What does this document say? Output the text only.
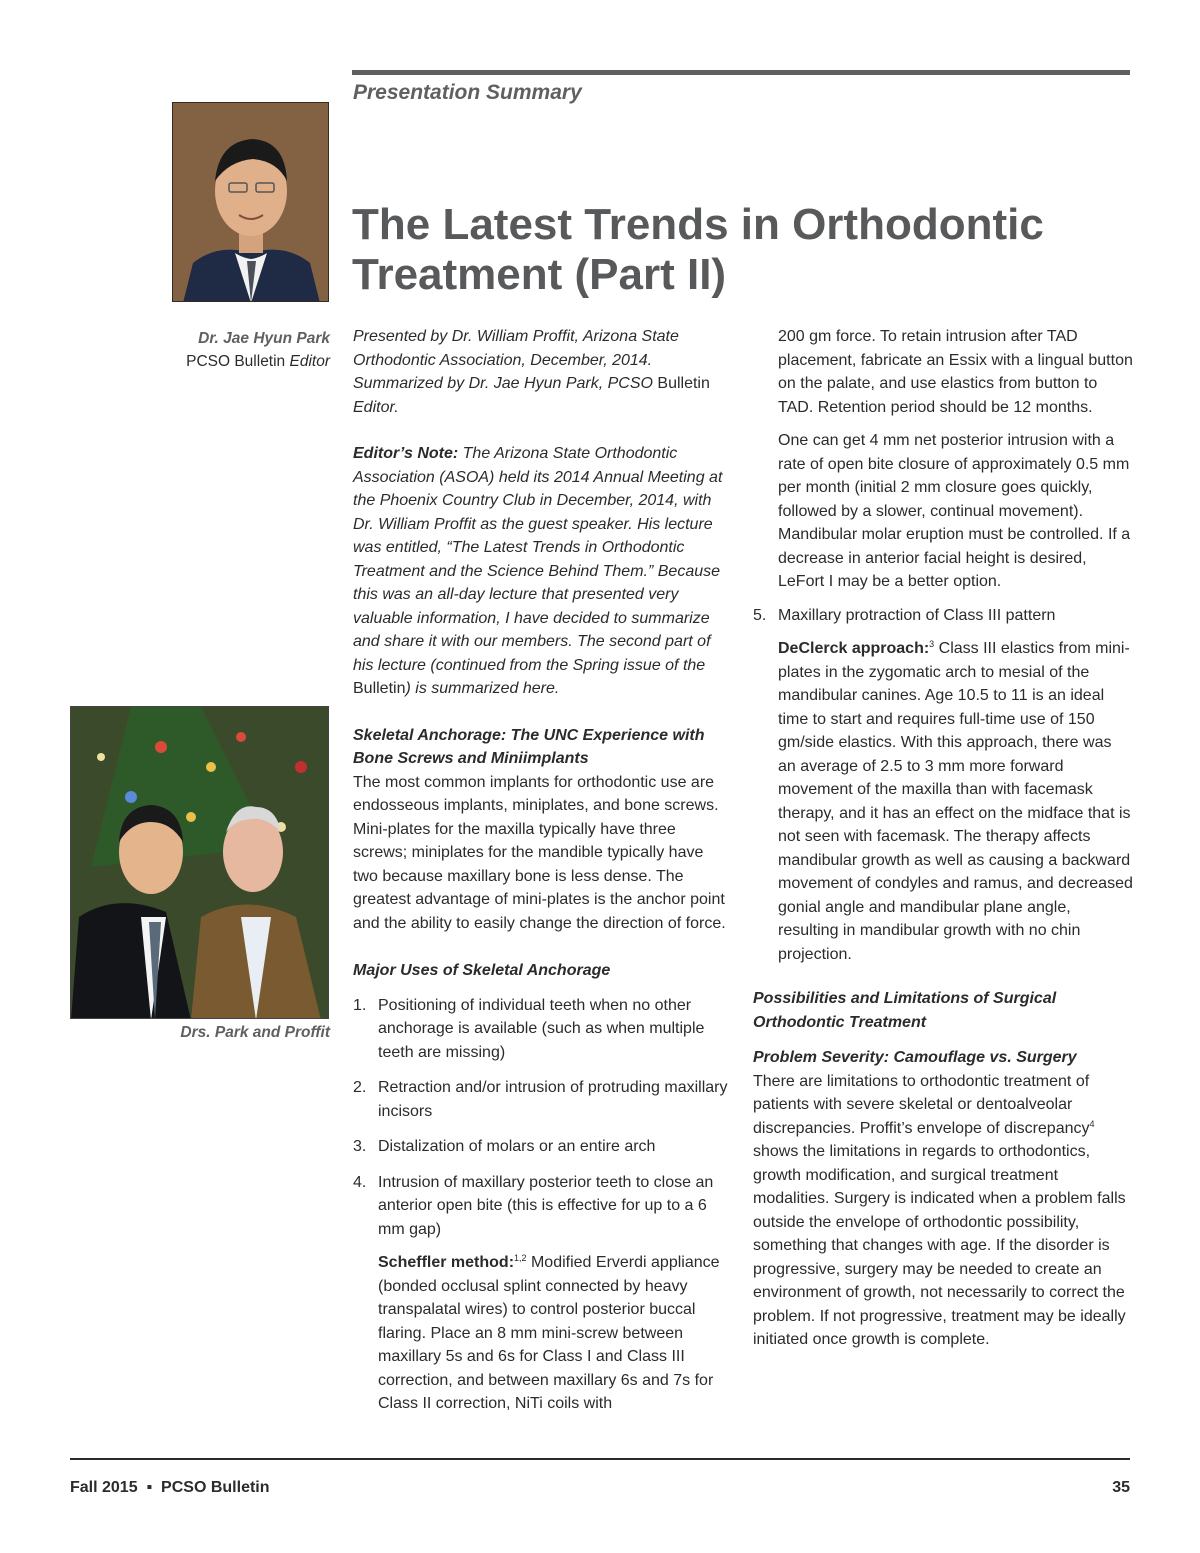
Presentation Summary
The Latest Trends in Orthodontic
Treatment (Part II)
Dr. Jae Hyun Park
PCSO Bulletin Editor
Drs. Park and Proffit

Presented by Dr. William Proffit, Arizona State Orthodontic Association, December, 2014. Summarized by Dr. Jae Hyun Park, PCSO Bulletin Editor.

Editor’s Note: The Arizona State Orthodontic Association (ASOA) held its 2014 Annual Meeting at the Phoenix Country Club in December, 2014, with Dr. William Proffit as the guest speaker. His lecture was entitled, “The Latest Trends in Orthodontic Treatment and the Science Behind Them.” Because this was an all-day lecture that presented very valuable information, I have decided to summarize and share it with our members. The second part of his lecture (continued from the Spring issue of the Bulletin) is summarized here.

Skeletal Anchorage: The UNC Experience with
Bone Screws and Miniimplants

The most common implants for orthodontic use are endosseous implants, miniplates, and bone screws. Mini-plates for the maxilla typically have three screws; miniplates for the mandible typically have two because maxillary bone is less dense. The greatest advantage of mini-plates is the anchor point and the ability to easily change the direction of force.

Major Uses of Skeletal Anchorage

1. Positioning of individual teeth when no other anchorage is available (such as when multiple teeth are missing)
2. Retraction and/or intrusion of protruding maxillary incisors
3. Distalization of molars or an entire arch
4. Intrusion of maxillary posterior teeth to close an anterior open bite (this is effective for up to a 6 mm gap)

Scheffler method:$^{1,2}$ Modified Erverdi appliance (bonded occlusal splint connected by heavy transpalatal wires) to control posterior buccal flaring. Place an 8 mm mini-screw between maxillary 5s and 6s for Class I and Class III correction, and between maxillary 6s and 7s for Class II correction, NiTi coils with

200 gm force. To retain intrusion after TAD placement, fabricate an Essix with a lingual button on the palate, and use elastics from button to TAD. Retention period should be 12 months.

One can get 4 mm net posterior intrusion with a rate of open bite closure of approximately 0.5 mm per month (initial 2 mm closure goes quickly, followed by a slower, continual movement). Mandibular molar eruption must be controlled. If a decrease in anterior facial height is desired, LeFort I may be a better option.

5. Maxillary protraction of Class III pattern

DeClerck approach:$^3$ Class III elastics from mini-plates in the zygomatic arch to mesial of the mandibular canines. Age 10.5 to 11 is an ideal time to start and requires full-time use of 150 gm/side elastics. With this approach, there was an average of 2.5 to 3 mm more forward movement of the maxilla than with facemask therapy, and it has an effect on the midface that is not seen with facemask. The therapy affects mandibular growth as well as causing a backward movement of condyles and ramus, and decreased gonial angle and mandibular plane angle, resulting in mandibular growth with no chin projection.

Possibilities and Limitations of Surgical
Orthodontic Treatment

Problem Severity: Camouflage vs. Surgery

There are limitations to orthodontic treatment of patients with severe skeletal or dentoalveolar discrepancies. Proffit’s envelope of discrepancy$^4$ shows the limitations in regards to orthodontics, growth modification, and surgical treatment modalities. Surgery is indicated when a problem falls outside the envelope of orthodontic possibility, something that changes with age. If the disorder is progressive, surgery may be needed to create an environment of growth, not necessarily to correct the problem. If not progressive, treatment may be ideally initiated once growth is complete.

Fall 2015  ▪  PCSO Bulletin	35
